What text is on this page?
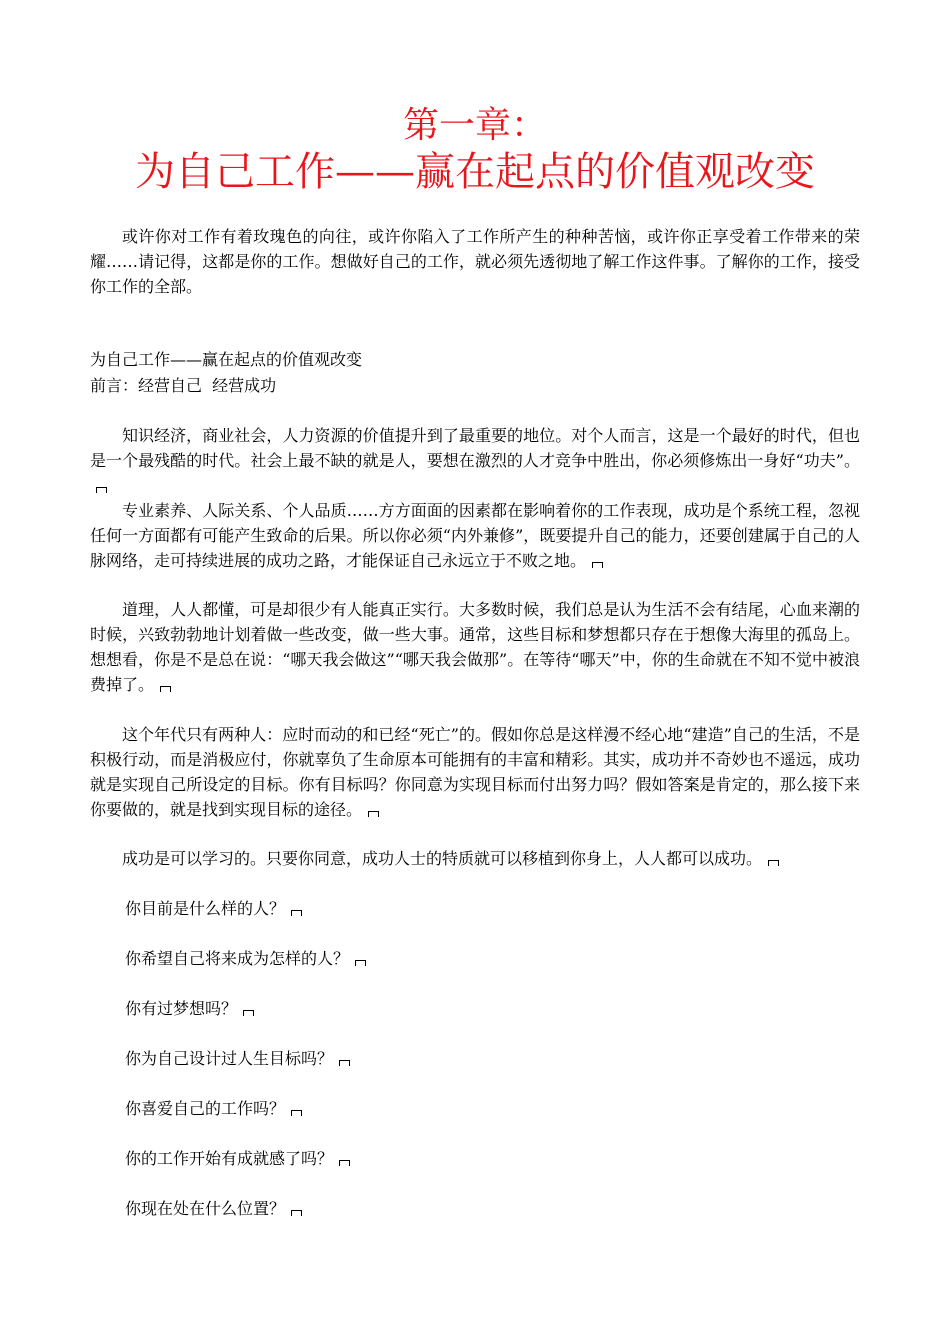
第一章：
为自己工作——赢在起点的价值观改变

或许你对工作有着玫瑰色的向往，或许你陷入了工作所产生的种种苦恼，或许你正享受着工作带来的荣耀……请记得，这都是你的工作。想做好自己的工作，就必须先透彻地了解工作这件事。了解你的工作，接受你工作的全部。

为自己工作——赢在起点的价值观改变
前言：经营自己  经营成功

知识经济，商业社会，人力资源的价值提升到了最重要的地位。对个人而言，这是一个最好的时代，但也是一个最残酷的时代。社会上最不缺的就是人，要想在激烈的人才竞争中胜出，你必须修炼出一身好“功夫”。

专业素养、人际关系、个人品质……方方面面的因素都在影响着你的工作表现，成功是个系统工程，忽视任何一方面都有可能产生致命的后果。所以你必须“内外兼修”，既要提升自己的能力，还要创建属于自己的人脉网络，走可持续进展的成功之路，才能保证自己永远立于不败之地。

道理，人人都懂，可是却很少有人能真正实行。大多数时候，我们总是认为生活不会有结尾，心血来潮的时候，兴致勃勃地计划着做一些改变，做一些大事。通常，这些目标和梦想都只存在于想像大海里的孤岛上。想想看，你是不是总在说：“哪天我会做这”“哪天我会做那”。在等待“哪天”中，你的生命就在不知不觉中被浪费掉了。

这个年代只有两种人：应时而动的和已经“死亡”的。假如你总是这样漫不经心地“建造”自己的生活，不是积极行动，而是消极应付，你就辜负了生命原本可能拥有的丰富和精彩。其实，成功并不奇妙也不遥远，成功就是实现自己所设定的目标。你有目标吗？你同意为实现目标而付出努力吗？假如答案是肯定的，那么接下来你要做的，就是找到实现目标的途径。

成功是可以学习的。只要你同意，成功人士的特质就可以移植到你身上，人人都可以成功。

你目前是什么样的人？
你希望自己将来成为怎样的人？
你有过梦想吗？
你为自己设计过人生目标吗？
你喜爱自己的工作吗？
你的工作开始有成就感了吗？
你现在处在什么位置？
